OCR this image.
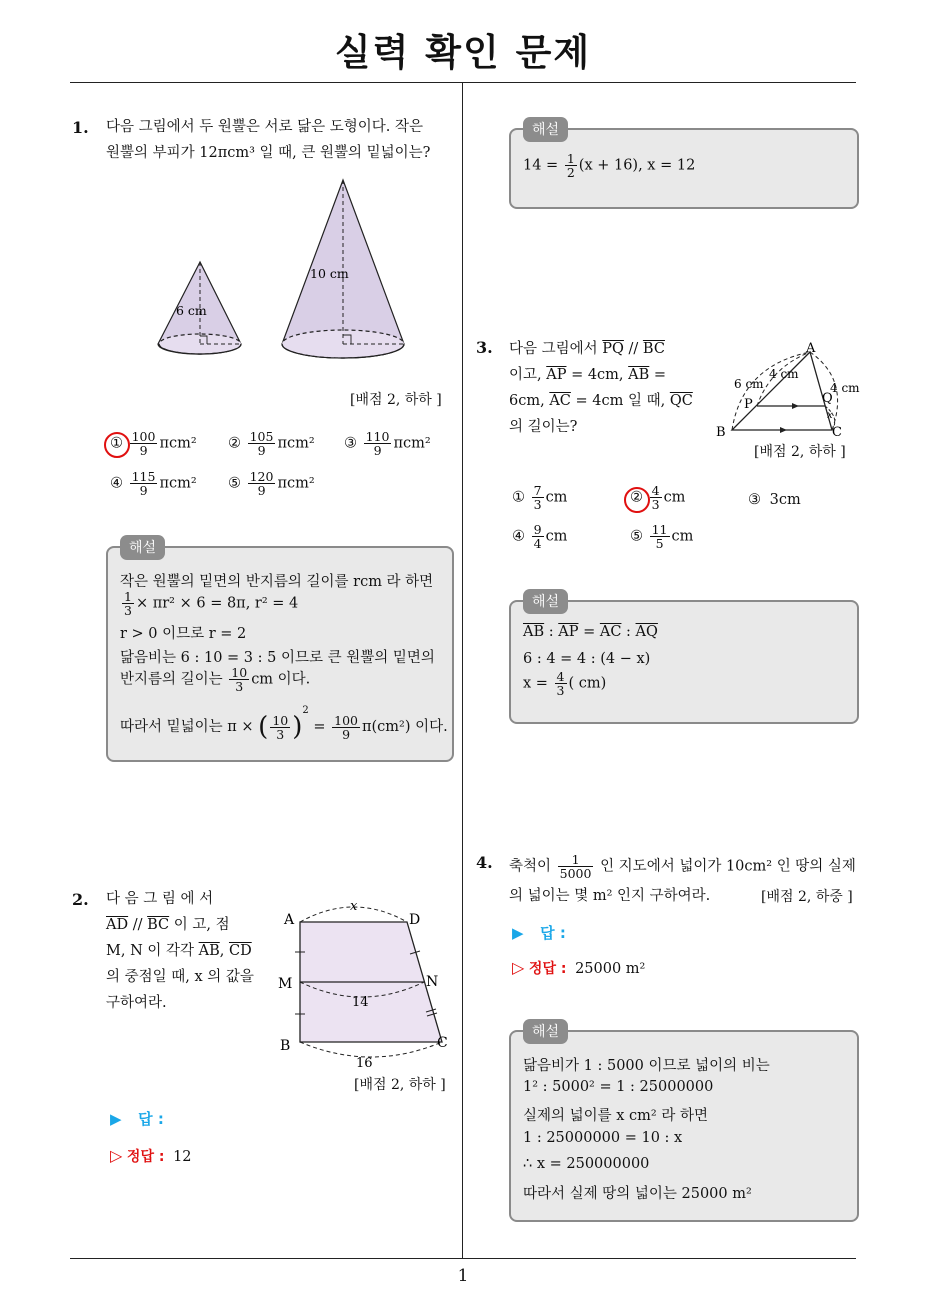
실력 확인 문제
1
1. 다음 그림에서 두 원뿔은 서로 닮은 도형이다. 작은
원뿔의 부피가 12πcm³ 일 때, 큰 원뿔의 밑넓이는?
6 cm
10 cm
[배점 2, 하하 ]
① $\frac{100}{9} \pi cm^2$ ② $\frac{105}{9} \pi cm^2$ ③ $\frac{110}{9} \pi cm^2$
④ $\frac{115}{9} \pi cm^2$ ⑤ $\frac{120}{9} \pi cm^2$
해설
작은 원뿔의 밑면의 반지름의 길이를 rcm 라 하면
$\frac{1}{3} \times \pi r^2 \times 6 = 8\pi$, r² = 4
r > 0 이므로 r = 2
닮음비는 6 : 10 = 3 : 5 이므로 큰 원뿔의 밑면의
반지름의 길이는 $\frac{10}{3}$ cm 이다.
따라서 밑넓이는 π × ( $\frac{10}{3} )^2 = \frac{100}{9} \pi(cm^2)$ 이다.
2. 다 음 그 림 에 서
$\overline{AD} // \overline{BC}$ 이 고, 점
M, N 이 각각 $\overline{AB}$, $\overline{CD}$
의 중점일 때, x 의 값을
구하여라.
A	D
M	N
B	C
x
14
16
[배점 2, 하하 ]
▶ 답 :
▷ 정답 : 12
해설
$14 = \frac{1}{2} (x + 16)$, x = 12
3. 다음 그림에서 $\overline{PQ} // \overline{BC}$
이고, $\overline{AP} = 4cm$, $\overline{AB}$ =
6cm, $\overline{AC} = 4cm$ 일 때, $\overline{QC}$
의 길이는?
A
B	C
P	Q
x
6 cm
4 cm
4 cm
[배점 2, 하하 ]
① $\frac{7}{3}$ cm	② $\frac{4}{3}$ cm	③ 3cm
④ $\frac{9}{4}$ cm	⑤ $\frac{11}{5}$ cm
해설
$\overline{AB}$ : $\overline{AP} = \overline{AC}$ : $\overline{AQ}$
6 : 4 = 4 : (4 − x)
$x = \frac{4}{3}$ ( cm)
4. 축척이 $\frac{1}{5000}$ 인 지도에서 넓이가 10cm² 인 땅의 실제
의 넓이는 몇 m² 인지 구하여라.	[배점 2, 하중 ]
▶ 답 :
▷ 정답 : 25000 m²
해설
닮음비가 1 : 5000 이므로 넓이의 비는
1² : 5000² = 1 : 25000000
실제의 넓이를 x cm² 라 하면
1 : 25000000 = 10 : x
∴ x = 250000000
따라서 실제 땅의 넓이는 25000 m²
